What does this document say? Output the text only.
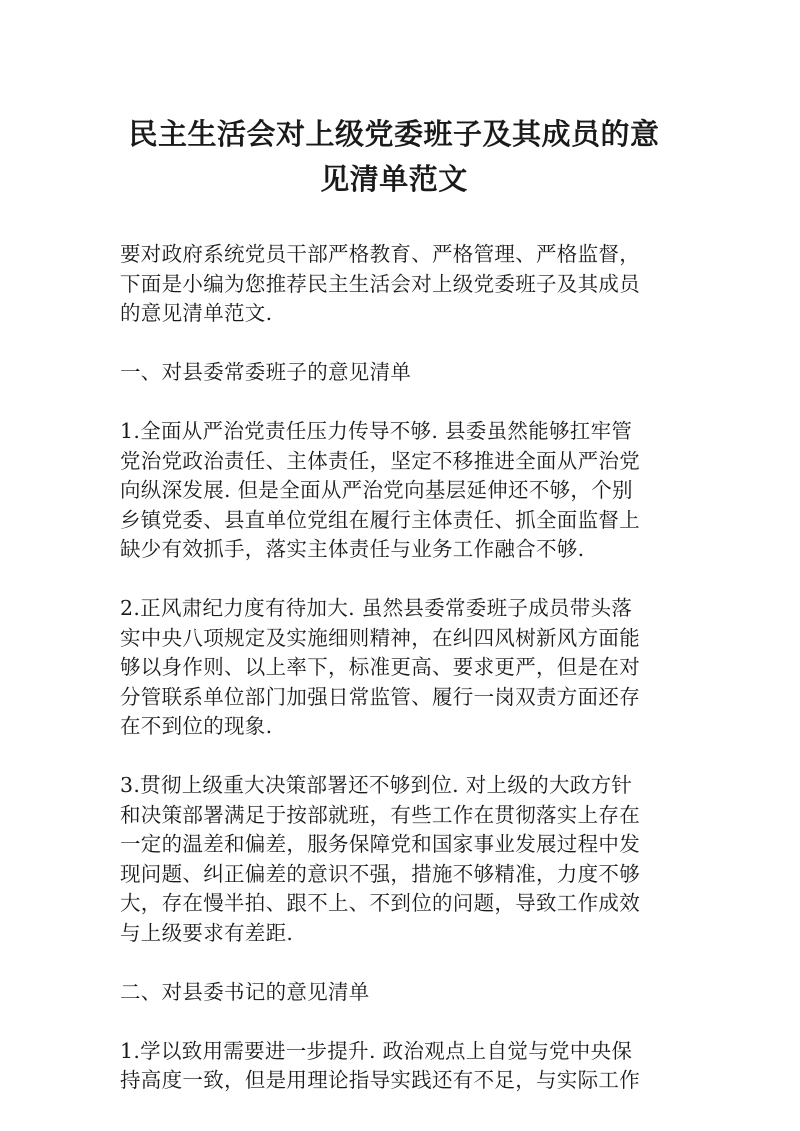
民主生活会对上级党委班子及其成员的意
见清单范文

要对政府系统党员干部严格教育、严格管理、严格监督，
下面是小编为您推荐民主生活会对上级党委班子及其成员
的意见清单范文.

一、对县委常委班子的意见清单

1.全面从严治党责任压力传导不够. 县委虽然能够扛牢管
党治党政治责任、主体责任，坚定不移推进全面从严治党
向纵深发展. 但是全面从严治党向基层延伸还不够，个别
乡镇党委、县直单位党组在履行主体责任、抓全面监督上
缺少有效抓手，落实主体责任与业务工作融合不够.

2.正风肃纪力度有待加大. 虽然县委常委班子成员带头落
实中央八项规定及实施细则精神，在纠四风树新风方面能
够以身作则、以上率下，标准更高、要求更严，但是在对
分管联系单位部门加强日常监管、履行一岗双责方面还存
在不到位的现象.

3.贯彻上级重大决策部署还不够到位. 对上级的大政方针
和决策部署满足于按部就班，有些工作在贯彻落实上存在
一定的温差和偏差，服务保障党和国家事业发展过程中发
现问题、纠正偏差的意识不强，措施不够精准，力度不够
大，存在慢半拍、跟不上、不到位的问题，导致工作成效
与上级要求有差距.

二、对县委书记的意见清单

1.学以致用需要进一步提升. 政治观点上自觉与党中央保
持高度一致，但是用理论指导实践还有不足，与实际工作
